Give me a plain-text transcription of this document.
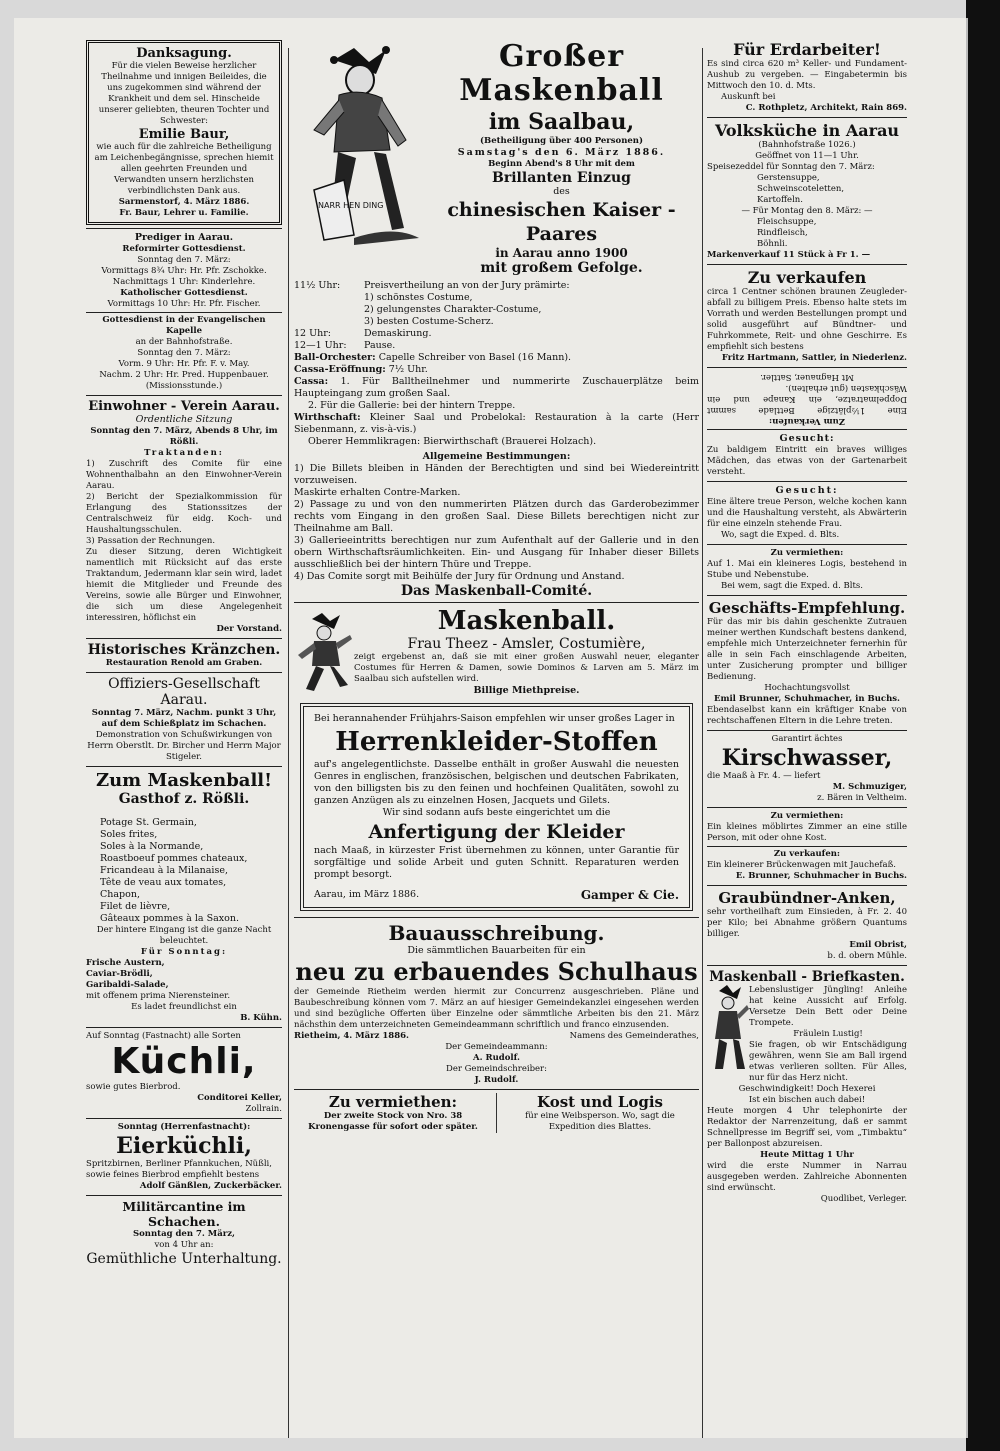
Danksagung.
Für die vielen Beweise herzlicher Theilnahme und innigen Beileides, die uns zugekommen sind während der Krankheit und dem sel. Hinscheide unserer geliebten, theuren Tochter und Schwester:
Emilie Baur,
wie auch für die zahlreiche Betheiligung am Leichenbegängnisse, sprechen hiemit allen geehrten Freunden und Verwandten unsern herzlichsten verbindlichsten Dank aus.
Sarmenstorf, 4. März 1886.
Fr. Baur, Lehrer u. Familie.
Prediger in Aarau.
Reformirter Gottesdienst.
Sonntag den 7. März:
Vormittags 8¾ Uhr: Hr. Pfr. Zschokke.
Nachmittags 1 Uhr: Kinderlehre.
Katholischer Gottesdienst.
Vormittags 10 Uhr: Hr. Pfr. Fischer.
Gottesdienst in der Evangelischen Kapelle
an der Bahnhofstraße.
Sonntag den 7. März:
Vorm. 9 Uhr: Hr. Pfr. F. v. May.
Nachm. 2 Uhr: Hr. Pred. Huppenbauer.
(Missionsstunde.)
Einwohner - Verein Aarau.
Ordentliche Sitzung
Sonntag den 7. März, Abends 8 Uhr, im Rößli.
Traktanden:
1) Zuschrift des Comite für eine Wohnenthalbahn an den Einwohner-Verein Aarau.
2) Bericht der Spezialkommission für Erlangung des Stationssitzes der Centralschweiz für eidg. Koch- und Haushaltungsschulen.
3) Passation der Rechnungen.
Zu dieser Sitzung, deren Wichtigkeit namentlich mit Rücksicht auf das erste Traktandum, Jedermann klar sein wird, ladet hiemit die Mitglieder und Freunde des Vereins, sowie alle Bürger und Einwohner, die sich um diese Angelegenheit interessiren, höflichst ein
Der Vorstand.
Historisches Kränzchen.
Restauration Renold am Graben.
Offiziers-Gesellschaft Aarau.
Sonntag 7. März, Nachm. punkt 3 Uhr, auf dem Schießplatz im Schachen.
Demonstration von Schußwirkungen von Herrn Oberstlt. Dr. Bircher und Herrn Major Stigeler.
Zum Maskenball!
Gasthof z. Rößli.
Potage St. Germain,
Soles frites,
Soles à la Normande,
Roastboeuf pommes chateaux,
Fricandeau à la Milanaise,
Tête de veau aux tomates,
Chapon,
Filet de lièvre,
Gâteaux pommes à la Saxon.
Der hintere Eingang ist die ganze Nacht beleuchtet.
Für Sonntag:
Frische Austern,
Caviar-Brödli,
Garibaldi-Salade,
mit offenem prima Nierensteiner.
Es ladet freundlichst ein
B. Kühn.
Auf Sonntag (Fastnacht) alle Sorten
Küchli,
sowie gutes Bierbrod.
Conditorei Keller,
Zollrain.
Sonntag (Herrenfastnacht):
Eierküchli,
Spritzbirnen, Berliner Pfannkuchen, Nüßli, sowie feines Bierbrod empfiehlt bestens
Adolf Gänßlen, Zuckerbäcker.
Militärcantine im Schachen.
Sonntag den 7. März,
von 4 Uhr an:
Gemüthliche Unterhaltung.
NARR HEN DING
Großer Maskenball
im Saalbau,
(Betheiligung über 400 Personen)
Samstag's den 6. März 1886.
Beginn Abend's 8 Uhr mit dem
Brillanten Einzug
des
chinesischen Kaiser - Paares
in Aarau anno 1900
mit großem Gefolge.
11½ Uhr:	Preisvertheilung an von der Jury prämirte:
1) schönstes Costume,
2) gelungenstes Charakter-Costume,
3) besten Costume-Scherz.
12 Uhr:	Demaskirung.
12—1 Uhr:	Pause.
Ball-Orchester: Capelle Schreiber von Basel (16 Mann).
Cassa-Eröffnung: 7½ Uhr.
Cassa: 1. Für Balltheilnehmer und nummerirte Zuschauerplätze beim Haupteingang zum großen Saal.
2. Für die Gallerie: bei der hintern Treppe.
Wirthschaft: Kleiner Saal und Probelokal: Restauration à la carte (Herr Siebenmann, z. vis-à-vis.)
Oberer Hemmlikragen: Bierwirthschaft (Brauerei Holzach).
Allgemeine Bestimmungen:
1) Die Billets bleiben in Händen der Berechtigten und sind bei Wiedereintritt vorzuweisen.
Maskirte erhalten Contre-Marken.
2) Passage zu und von den nummerirten Plätzen durch das Garderobezimmer rechts vom Eingang in den großen Saal. Diese Billets berechtigen nicht zur Theilnahme am Ball.
3) Gallerieeintritts berechtigen nur zum Aufenthalt auf der Gallerie und in den obern Wirthschaftsräumlichkeiten. Ein- und Ausgang für Inhaber dieser Billets ausschließlich bei der hintern Thüre und Treppe.
4) Das Comite sorgt mit Beihülfe der Jury für Ordnung und Anstand.
Das Maskenball-Comité.
Maskenball.
Frau Theez - Amsler, Costumière,
zeigt ergebenst an, daß sie mit einer großen Auswahl neuer, eleganter Costumes für Herren & Damen, sowie Dominos & Larven am 5. März im Saalbau sich aufstellen wird.
Billige Miethpreise.
Bei herannahender Frühjahrs-Saison empfehlen wir unser großes Lager in
Herrenkleider-Stoffen
auf's angelegentlichste. Dasselbe enthält in großer Auswahl die neuesten Genres in englischen, französischen, belgischen und deutschen Fabrikaten, von den billigsten bis zu den feinen und hochfeinen Qualitäten, sowohl zu ganzen Anzügen als zu einzelnen Hosen, Jacquets und Gilets.
Wir sind sodann aufs beste eingerichtet um die
Anfertigung der Kleider
nach Maaß, in kürzester Frist übernehmen zu können, unter Garantie für sorgfältige und solide Arbeit und guten Schnitt. Reparaturen werden prompt besorgt.
Aarau, im März 1886.	Gamper & Cie.
Bauausschreibung.
Die sämmtlichen Bauarbeiten für ein
neu zu erbauendes Schulhaus
der Gemeinde Rietheim werden hiermit zur Concurrenz ausgeschrieben. Pläne und Baubeschreibung können vom 7. März an auf hiesiger Gemeindekanzlei eingesehen werden und sind bezügliche Offerten über Einzelne oder sämmtliche Arbeiten bis den 21. März nächsthin dem unterzeichneten Gemeindeammann schriftlich und franco einzusenden.
Rietheim, 4. März 1886.	Namens des Gemeinderathes,
Der Gemeindeammann:
A. Rudolf.
Der Gemeindschreiber:
J. Rudolf.
Zu vermiethen:
Der zweite Stock von Nro. 38 Kronengasse für sofort oder später.
Kost und Logis
für eine Weibsperson. Wo, sagt die Expedition dies Blattes.
Für Erdarbeiter!
Es sind circa 620 m³ Keller- und Fundament-Aushub zu vergeben. — Eingabetermin bis Mittwoch den 10. d. Mts.
Auskunft bei
C. Rothpletz, Architekt, Rain 869.
Volksküche in Aarau
(Bahnhofstraße 1026.)
Geöffnet von 11—1 Uhr.
Speisezeddel für Sonntag den 7. März:
Gerstensuppe,
Schweinscoteletten,
Kartoffeln.
— Für Montag den 8. März: —
Fleischsuppe,
Rindfleisch,
Böhnli.
Markenverkauf 11 Stück à Fr 1. —
Zu verkaufen
circa 1 Centner schönen braunen Zeugleder-abfall zu billigem Preis. Ebenso halte stets im Vorrath und werden Bestellungen prompt und solid ausgeführt auf Bündtner- und Fuhrkommete, Reit- und ohne Geschirre. Es empfiehlt sich bestens
Fritz Hartmann, Sattler, in Niederlenz.
Zum Verkaufen:
Eine 1½plätzige Bettlade sammt Doppelmatratze, ein Kanape und ein Wäschkasten (gut erhalten).
Mt Hagnauer, Sattler.
Gesucht:
Zu baldigem Eintritt ein braves williges Mädchen, das etwas von der Gartenarbeit versteht.
Gesucht:
Eine ältere treue Person, welche kochen kann und die Haushaltung versteht, als Abwärterin für eine einzeln stehende Frau.
Wo, sagt die Exped. d. Blts.
Zu vermiethen:
Auf 1. Mai ein kleineres Logis, bestehend in Stube und Nebenstube.
Bei wem, sagt die Exped. d. Blts.
Geschäfts-Empfehlung.
Für das mir bis dahin geschenkte Zutrauen meiner werthen Kundschaft bestens dankend, empfehle mich Unterzeichneter fernerhin für alle in sein Fach einschlagende Arbeiten, unter Zusicherung prompter und billiger Bedienung.
Hochachtungsvollst
Emil Brunner, Schuhmacher, in Buchs.
Ebendaselbst kann ein kräftiger Knabe von rechtschaffenen Eltern in die Lehre treten.
Garantirt ächtes
Kirschwasser,
die Maaß à Fr. 4. — liefert
M. Schmuziger,
z. Bären in Veltheim.
Zu vermiethen:
Ein kleines möblirtes Zimmer an eine stille Person, mit oder ohne Kost.
Zu verkaufen:
Ein kleinerer Brückenwagen mit Jauchefaß.
E. Brunner, Schuhmacher in Buchs.
Graubündner-Anken,
sehr vortheilhaft zum Einsieden, à Fr. 2. 40 per Kilo; bei Abnahme größern Quantums billiger.
Emil Obrist,
b. d. obern Mühle.
Maskenball - Briefkasten.
Lebenslustiger Jüngling! Anleihe hat keine Aussicht auf Erfolg. Versetze Dein Bett oder Deine Trompete.
Fräulein Lustig!
Sie fragen, ob wir Entschädigung gewähren, wenn Sie am Ball irgend etwas verlieren sollten. Für Alles, nur für das Herz nicht.
Geschwindigkeit! Doch Hexerei
Ist ein bischen auch dabei!
Heute morgen 4 Uhr telephonirte der Redaktor der Narrenzeitung, daß er sammt Schnellpresse im Begriff sei, vom „Timbaktu“ per Ballonpost abzureisen.
Heute Mittag 1 Uhr
wird die erste Nummer in Narrau ausgegeben werden. Zahlreiche Abonnenten sind erwünscht.
Quodlibet, Verleger.
